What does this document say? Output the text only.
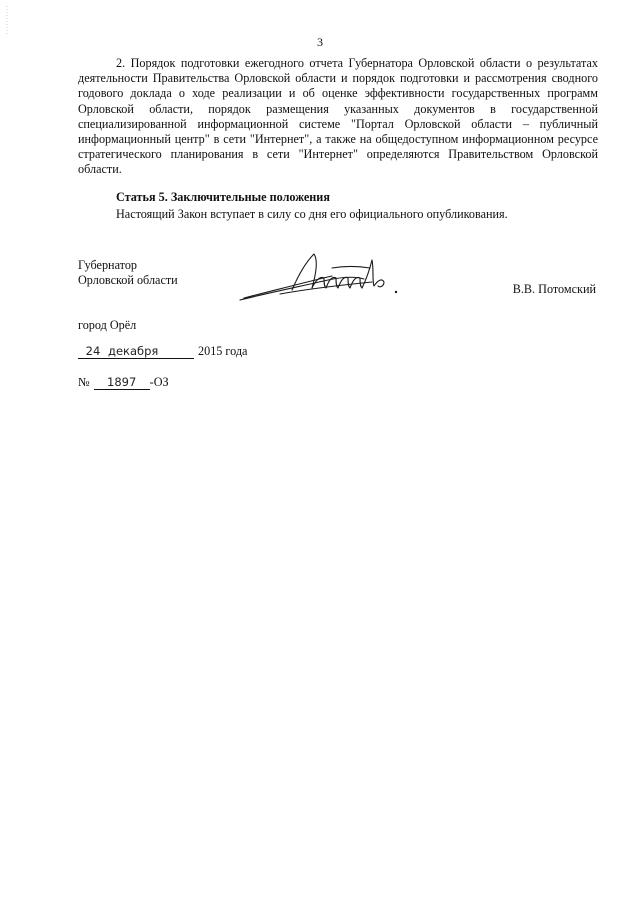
3

2. Порядок подготовки ежегодного отчета Губернатора Орловской области о результатах деятельности Правительства Орловской области и порядок подготовки и рассмотрения сводного годового доклада о ходе реализации и об оценке эффективности государственных программ Орловской области, порядок размещения указанных документов в государственной специализированной информационной системе "Портал Орловской области – публичный информационный центр" в сети "Интернет", а также на общедоступном информационном ресурсе стратегического планирования в сети "Интернет" определяются Правительством Орловской области.

Статья 5. Заключительные положения
Настоящий Закон вступает в силу со дня его официального опубликования.
Губернатор
Орловской области
В.В. Потомский
город Орёл
24 декабря	2015 года
№ 1897 -ОЗ
